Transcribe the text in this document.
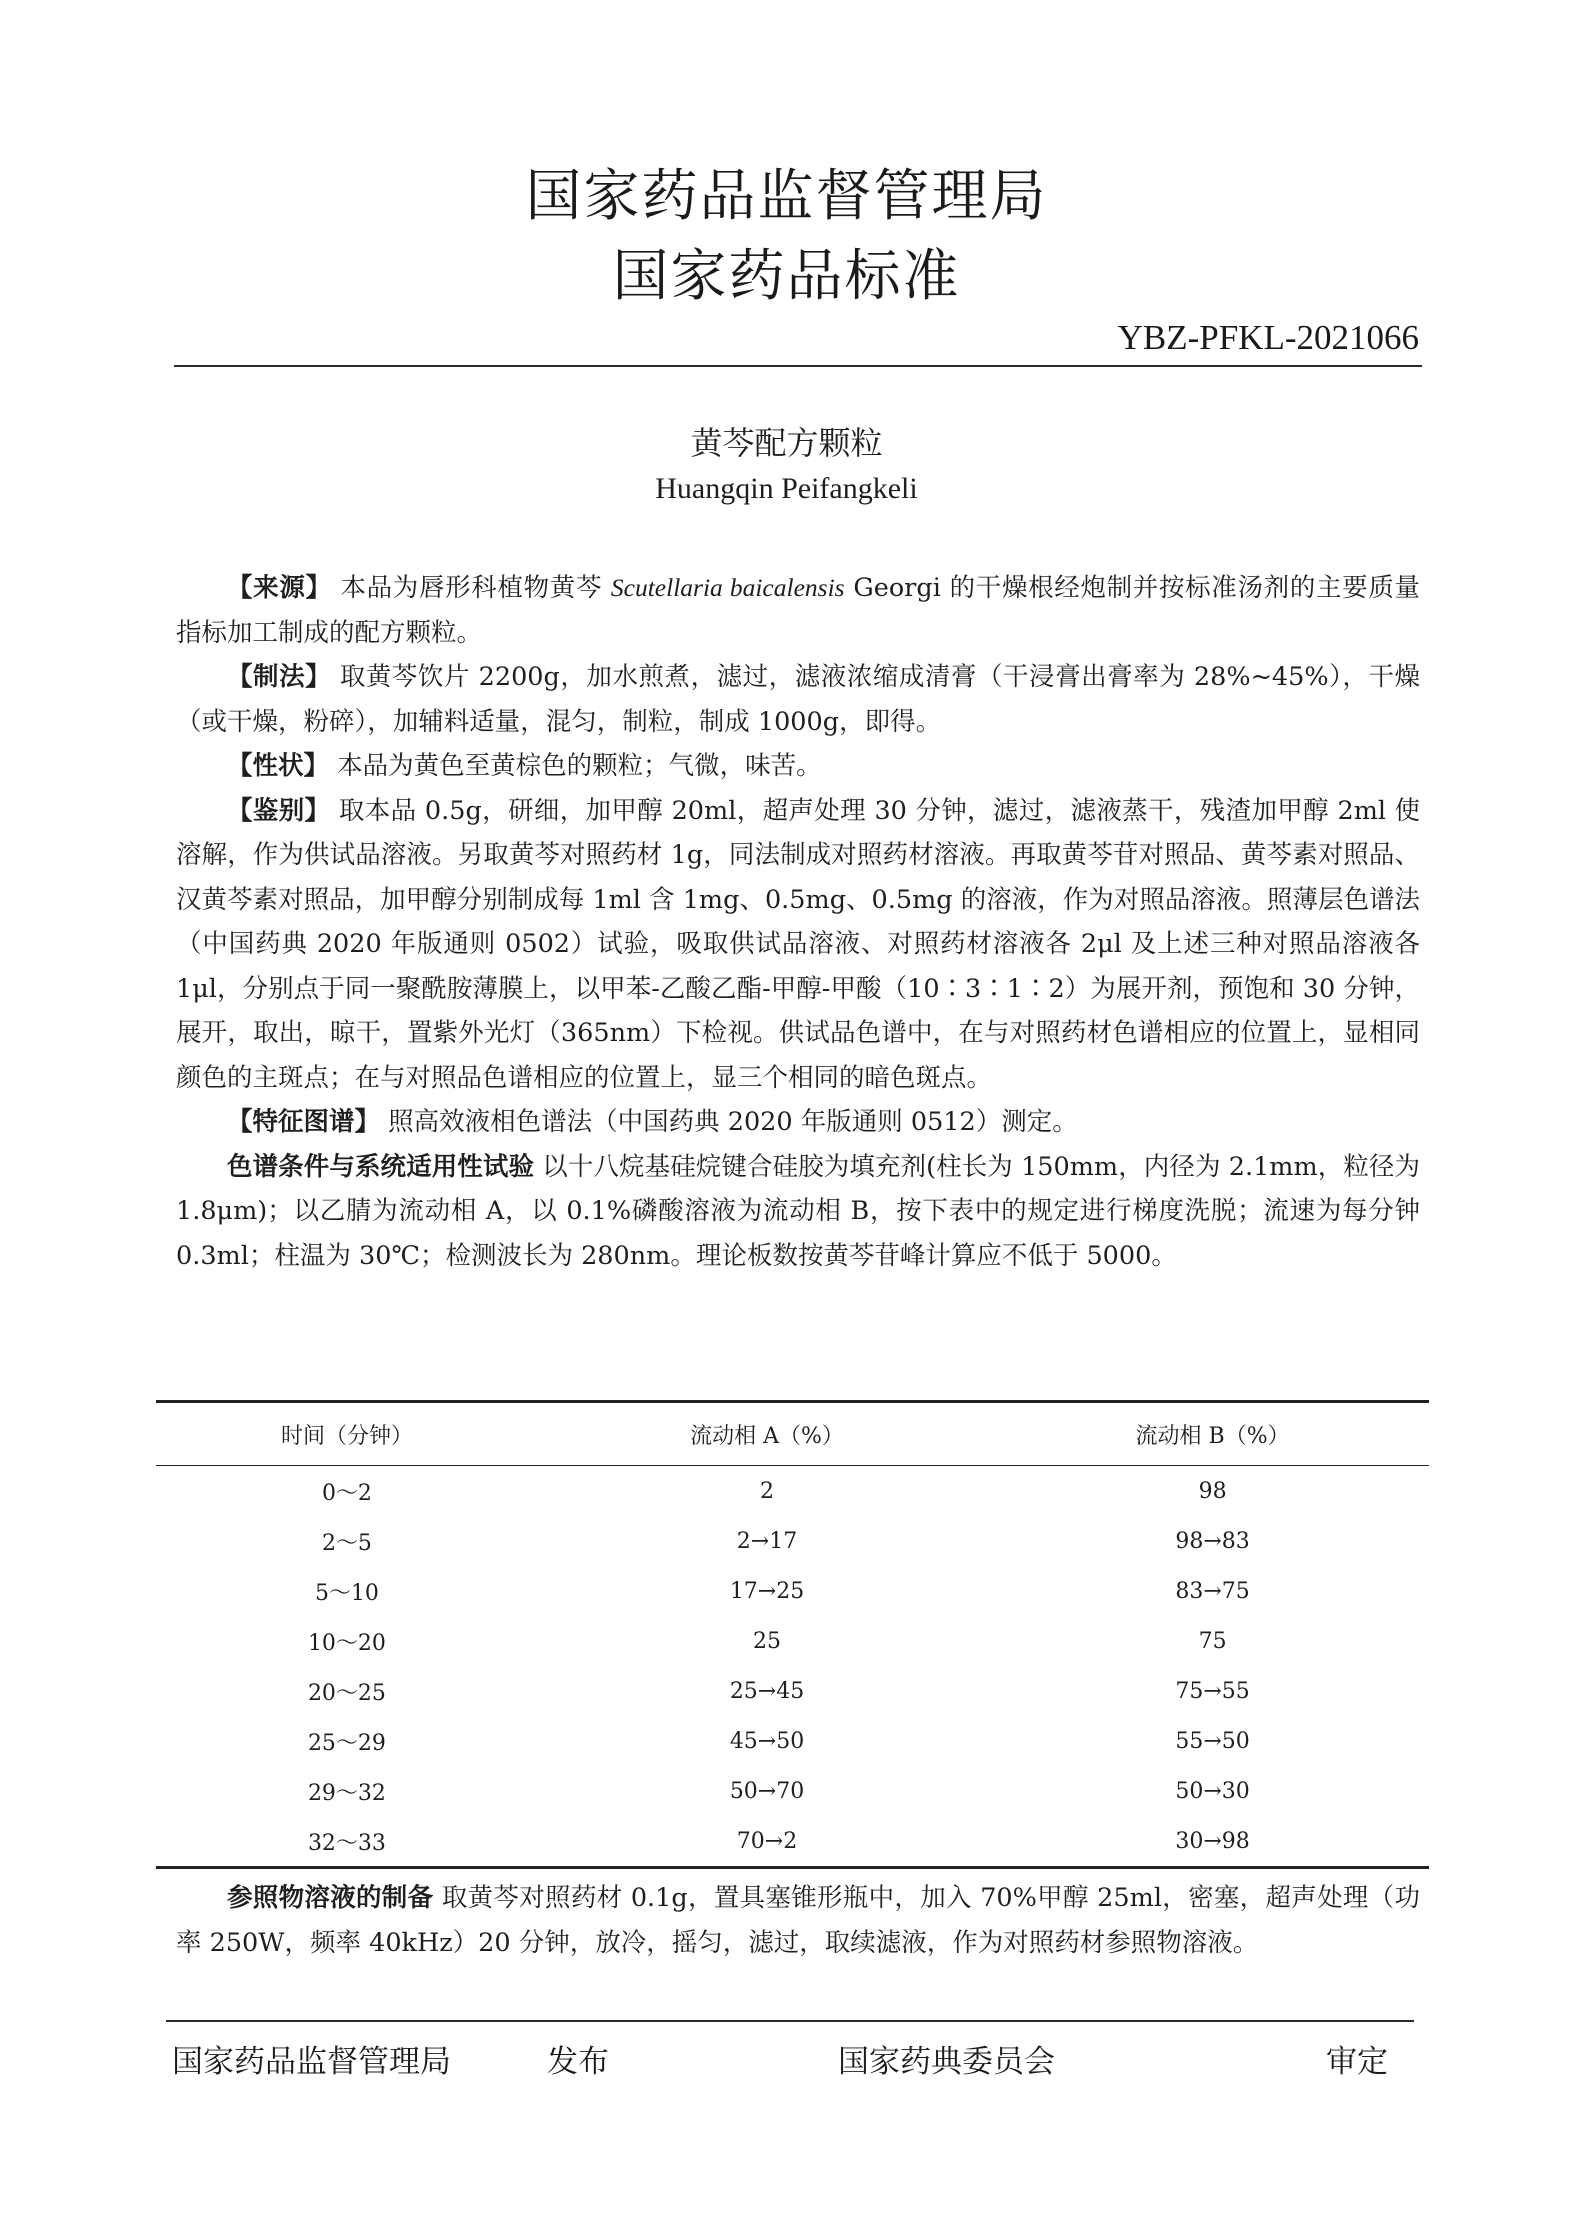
国家药品监督管理局
国家药品标准
YBZ-PFKL-2021066
黄芩配方颗粒
Huangqin Peifangkeli

【来源】 本品为唇形科植物黄芩 Scutellaria baicalensis Georgi 的干燥根经炮制并按标准汤剂的主要质量指标加工制成的配方颗粒。

【制法】 取黄芩饮片 2200g，加水煎煮，滤过，滤液浓缩成清膏（干浸膏出膏率为 28%~45%），干燥（或干燥，粉碎），加辅料适量，混匀，制粒，制成 1000g，即得。

【性状】 本品为黄色至黄棕色的颗粒；气微，味苦。

【鉴别】 取本品 0.5g，研细，加甲醇 20ml，超声处理 30 分钟，滤过，滤液蒸干，残渣加甲醇 2ml 使溶解，作为供试品溶液。另取黄芩对照药材 1g，同法制成对照药材溶液。再取黄芩苷对照品、黄芩素对照品、汉黄芩素对照品，加甲醇分别制成每 1ml 含 1mg、0.5mg、0.5mg 的溶液，作为对照品溶液。照薄层色谱法（中国药典 2020 年版通则 0502）试验，吸取供试品溶液、对照药材溶液各 2μl 及上述三种对照品溶液各 1μl，分别点于同一聚酰胺薄膜上，以甲苯-乙酸乙酯-甲醇-甲酸（10∶3∶1∶2）为展开剂，预饱和 30 分钟，展开，取出，晾干，置紫外光灯（365nm）下检视。供试品色谱中，在与对照药材色谱相应的位置上，显相同颜色的主斑点；在与对照品色谱相应的位置上，显三个相同的暗色斑点。

【特征图谱】 照高效液相色谱法（中国药典 2020 年版通则 0512）测定。

色谱条件与系统适用性试验 以十八烷基硅烷键合硅胶为填充剂(柱长为 150mm，内径为 2.1mm，粒径为 1.8μm)；以乙腈为流动相 A，以 0.1%磷酸溶液为流动相 B，按下表中的规定进行梯度洗脱；流速为每分钟 0.3ml；柱温为 30℃；检测波长为 280nm。理论板数按黄芩苷峰计算应不低于 5000。

时间（分钟）	流动相 A（%）	流动相 B（%）
0～2	2	98
2～5	2→17	98→83
5～10	17→25	83→75
10～20	25	75
20～25	25→45	75→55
25～29	45→50	55→50
29～32	50→70	50→30
32～33	70→2	30→98

参照物溶液的制备 取黄芩对照药材 0.1g，置具塞锥形瓶中，加入 70%甲醇 25ml，密塞，超声处理（功率 250W，频率 40kHz）20 分钟，放冷，摇匀，滤过，取续滤液，作为对照药材参照物溶液。

国家药品监督管理局	发布	国家药典委员会	审定
